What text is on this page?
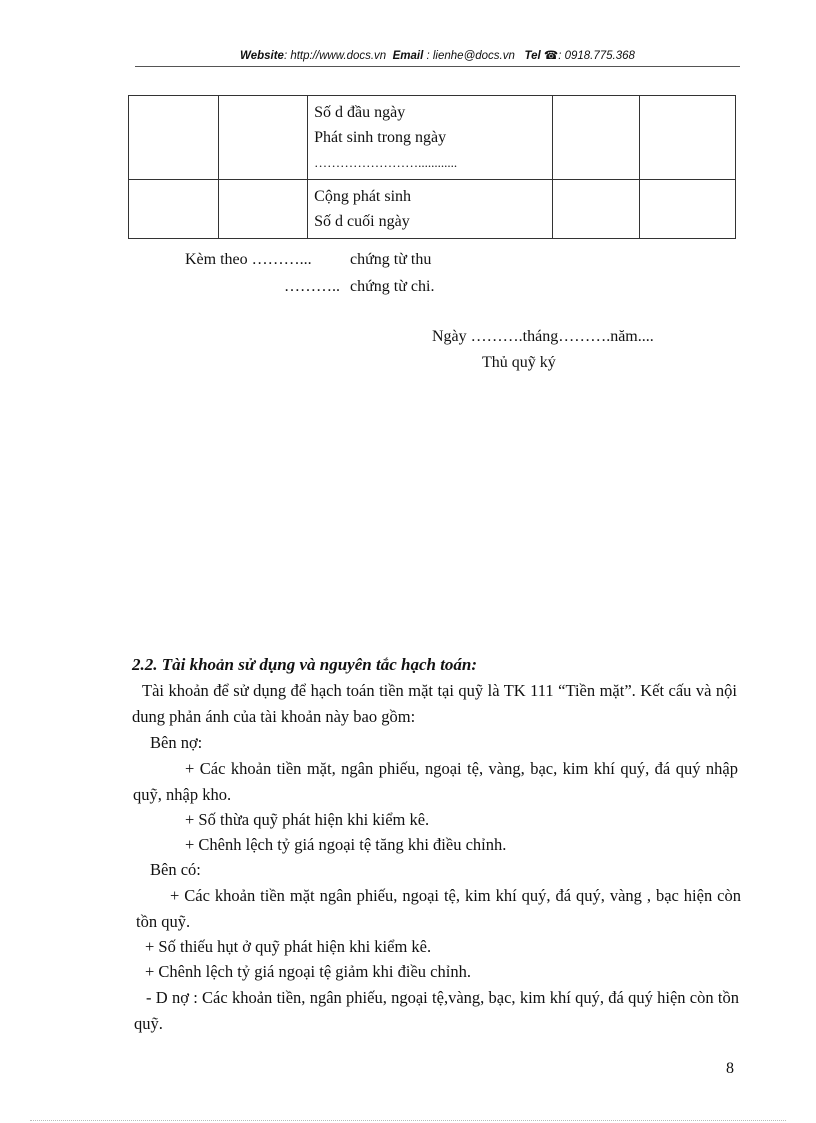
Website: http://www.docs.vn Email : lienhe@docs.vn Tel ☎: 0918.775.368

		Số d đầu ngày
Phát sinh trong ngày
……………………............		

		Cộng phát sinh
Số d cuối ngày		

Kèm theo ………... chứng từ thu
……….. chứng từ chi.
Ngày ……….tháng……….năm....
Thủ quỹ ký
2.2. Tài khoản sử dụng và nguyên tắc hạch toán:
Tài khoản để sử dụng để hạch toán tiền mặt tại quỹ là TK 111 “Tiền mặt”. Kết cấu và nội dung phản ánh của tài khoản này bao gồm:
Bên nợ:
+ Các khoản tiền mặt, ngân phiếu, ngoại tệ, vàng, bạc, kim khí quý, đá quý nhập quỹ, nhập kho.
+ Số thừa quỹ phát hiện khi kiểm kê.
+ Chênh lệch tỷ giá ngoại tệ tăng khi điều chỉnh.
Bên có:
+ Các khoản tiền mặt ngân phiếu, ngoại tệ, kim khí quý, đá quý, vàng , bạc hiện còn tồn quỹ.
+ Số thiếu hụt ở quỹ phát hiện khi kiểm kê.
+ Chênh lệch tỷ giá ngoại tệ giảm khi điều chỉnh.
- D nợ : Các khoản tiền, ngân phiếu, ngoại tệ,vàng, bạc, kim khí quý, đá quý hiện còn tồn quỹ.
8
